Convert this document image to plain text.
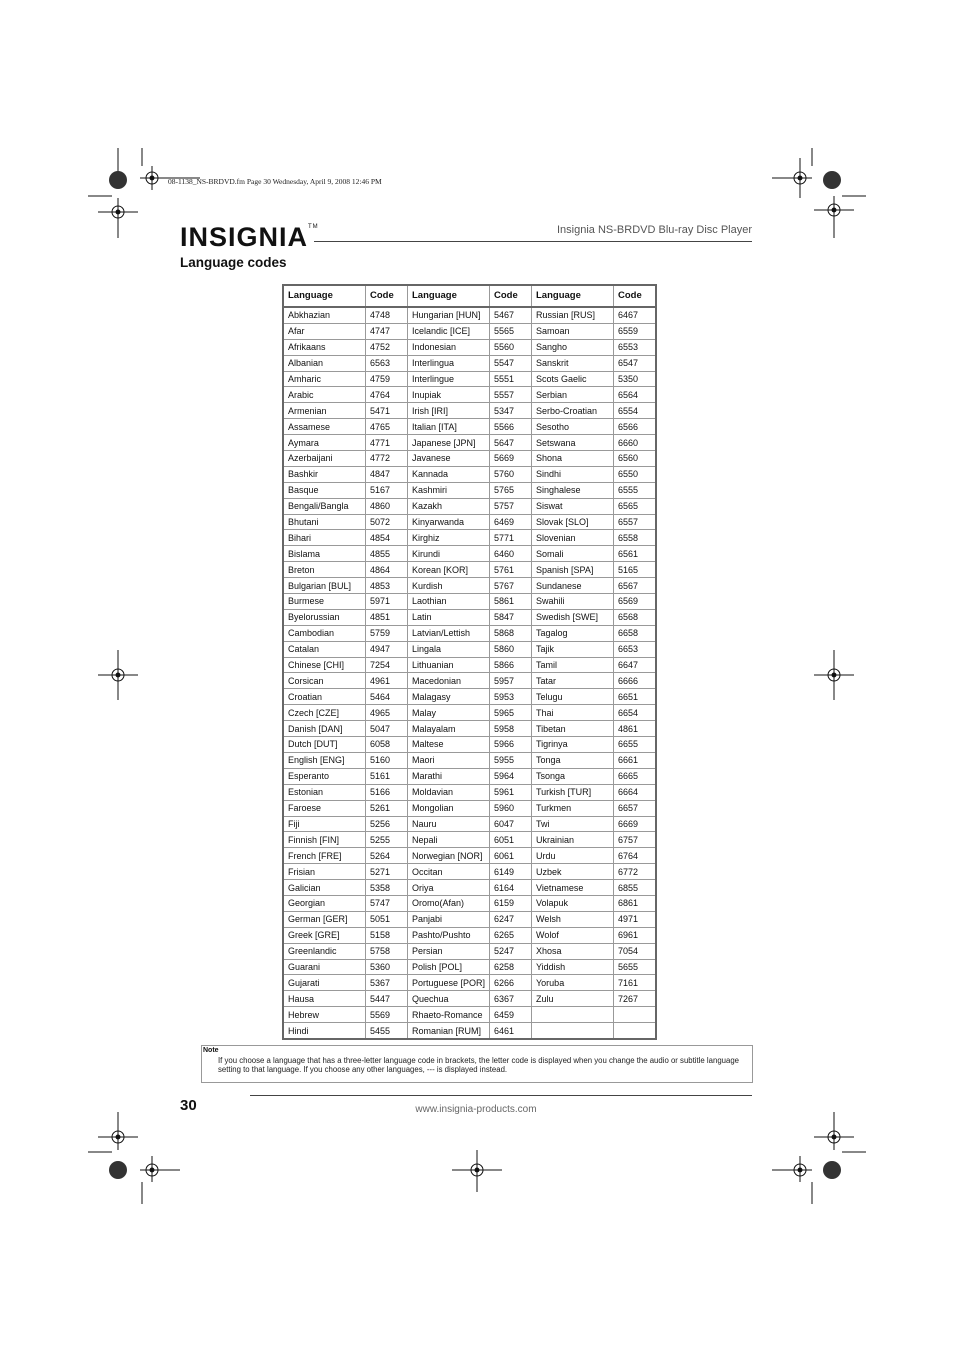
08-1138_NS-BRDVD.fm Page 30 Wednesday, April 9, 2008 12:46 PM
INSIGNIA™	Insignia NS-BRDVD Blu-ray Disc Player
Language codes
Language	Code	Language	Code	Language	Code
Abkhazian	4748	Hungarian [HUN]	5467	Russian [RUS]	6467
Afar	4747	Icelandic [ICE]	5565	Samoan	6559
Afrikaans	4752	Indonesian	5560	Sangho	6553
Albanian	6563	Interlingua	5547	Sanskrit	6547
Amharic	4759	Interlingue	5551	Scots Gaelic	5350
Arabic	4764	Inupiak	5557	Serbian	6564
Armenian	5471	Irish [IRI]	5347	Serbo-Croatian	6554
Assamese	4765	Italian [ITA]	5566	Sesotho	6566
Aymara	4771	Japanese [JPN]	5647	Setswana	6660
Azerbaijani	4772	Javanese	5669	Shona	6560
Bashkir	4847	Kannada	5760	Sindhi	6550
Basque	5167	Kashmiri	5765	Singhalese	6555
Bengali/Bangla	4860	Kazakh	5757	Siswat	6565
Bhutani	5072	Kinyarwanda	6469	Slovak [SLO]	6557
Bihari	4854	Kirghiz	5771	Slovenian	6558
Bislama	4855	Kirundi	6460	Somali	6561
Breton	4864	Korean [KOR]	5761	Spanish [SPA]	5165
Bulgarian [BUL]	4853	Kurdish	5767	Sundanese	6567
Burmese	5971	Laothian	5861	Swahili	6569
Byelorussian	4851	Latin	5847	Swedish [SWE]	6568
Cambodian	5759	Latvian/Lettish	5868	Tagalog	6658
Catalan	4947	Lingala	5860	Tajik	6653
Chinese [CHI]	7254	Lithuanian	5866	Tamil	6647
Corsican	4961	Macedonian	5957	Tatar	6666
Croatian	5464	Malagasy	5953	Telugu	6651
Czech [CZE]	4965	Malay	5965	Thai	6654
Danish [DAN]	5047	Malayalam	5958	Tibetan	4861
Dutch [DUT]	6058	Maltese	5966	Tigrinya	6655
English [ENG]	5160	Maori	5955	Tonga	6661
Esperanto	5161	Marathi	5964	Tsonga	6665
Estonian	5166	Moldavian	5961	Turkish [TUR]	6664
Faroese	5261	Mongolian	5960	Turkmen	6657
Fiji	5256	Nauru	6047	Twi	6669
Finnish [FIN]	5255	Nepali	6051	Ukrainian	6757
French [FRE]	5264	Norwegian [NOR]	6061	Urdu	6764
Frisian	5271	Occitan	6149	Uzbek	6772
Galician	5358	Oriya	6164	Vietnamese	6855
Georgian	5747	Oromo(Afan)	6159	Volapuk	6861
German [GER]	5051	Panjabi	6247	Welsh	4971
Greek [GRE]	5158	Pashto/Pushto	6265	Wolof	6961
Greenlandic	5758	Persian	5247	Xhosa	7054
Guarani	5360	Polish [POL]	6258	Yiddish	5655
Gujarati	5367	Portuguese [POR]	6266	Yoruba	7161
Hausa	5447	Quechua	6367	Zulu	7267
Hebrew	5569	Rhaeto-Romance	6459		
Hindi	5455	Romanian [RUM]	6461		
Note
If you choose a language that has a three-letter language code in brackets, the letter code is displayed when you change the audio or subtitle language setting to that language. If you choose any other languages, --- is displayed instead.
30	www.insignia-products.com
